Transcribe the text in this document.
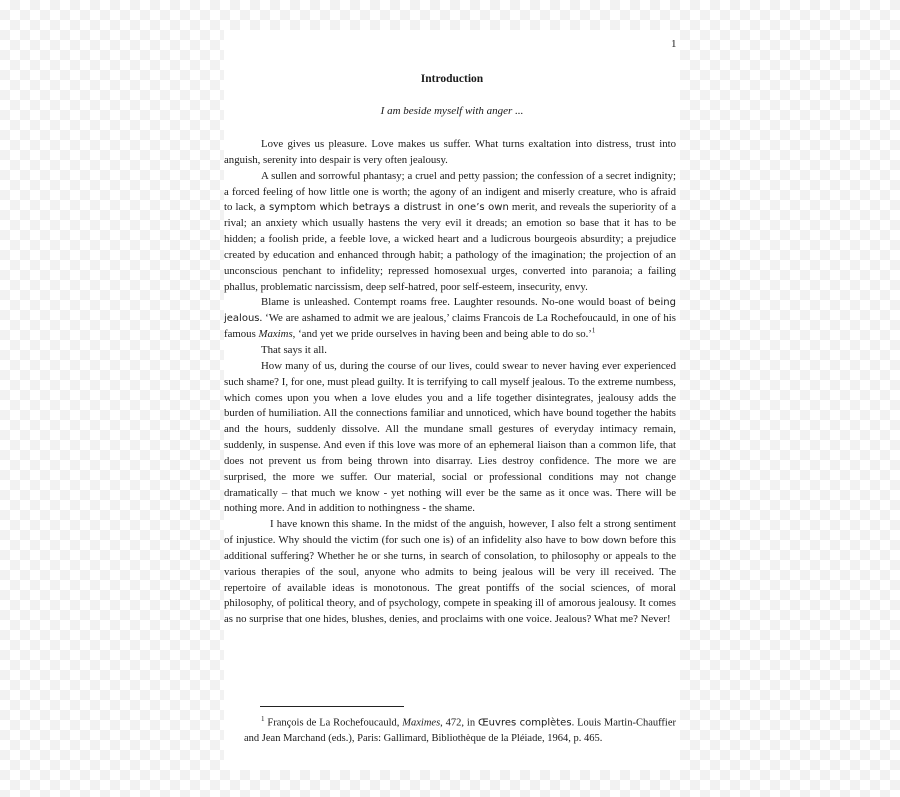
1
Introduction
I am beside myself with anger ...

Love gives us pleasure. Love makes us suffer. What turns exaltation into distress, trust into anguish, serenity into despair is very often jealousy.

A sullen and sorrowful phantasy; a cruel and petty passion; the confession of a secret indignity; a forced feeling of how little one is worth; the agony of an indigent and miserly creature, who is afraid to lack, a symptom which betrays a distrust in one’s own merit, and reveals the superiority of a rival; an anxiety which usually hastens the very evil it dreads; an emotion so base that it has to be hidden; a foolish pride, a feeble love, a wicked heart and a ludicrous bourgeois absurdity; a prejudice created by education and enhanced through habit; a pathology of the imagination; the projection of an unconscious penchant to infidelity; repressed homosexual urges, converted into paranoia; a failing phallus, problematic narcissism, deep self-hatred, poor self-esteem, insecurity, envy.

Blame is unleashed. Contempt roams free. Laughter resounds. No-one would boast of being jealous. ‘We are ashamed to admit we are jealous,’ claims Francois de La Rochefoucauld, in one of his famous Maxims, ‘and yet we pride ourselves in having been and being able to do so.’$^1$

That says it all.

How many of us, during the course of our lives, could swear to never having ever experienced such shame? I, for one, must plead guilty. It is terrifying to call myself jealous. To the extreme numbess, which comes upon you when a love eludes you and a life together disintegrates, jealousy adds the burden of humiliation. All the connections familiar and unnoticed, which have bound together the habits and the hours, suddenly dissolve. All the mundane small gestures of everyday intimacy remain, suddenly, in suspense. And even if this love was more of an ephemeral liaison than a common life, that does not prevent us from being thrown into disarray. Lies destroy confidence. The more we are surprised, the more we suffer. Our material, social or professional conditions may not change dramatically – that much we know - yet nothing will ever be the same as it once was. There will be nothing more. And in addition to nothingness - the shame.

I have known this shame. In the midst of the anguish, however, I also felt a strong sentiment of injustice. Why should the victim (for such one is) of an infidelity also have to bow down before this additional suffering? Whether he or she turns, in search of consolation, to philosophy or appeals to the various therapies of the soul, anyone who admits to being jealous will be very ill received. The repertoire of available ideas is monotonous. The great pontiffs of the social sciences, of moral philosophy, of political theory, and of psychology, compete in speaking ill of amorous jealousy. It comes as no surprise that one hides, blushes, denies, and proclaims with one voice. Jealous? What me? Never!

$^1$ François de La Rochefoucauld, Maximes, 472, in Œuvres complètes. Louis Martin-Chauffier and Jean Marchand (eds.), Paris: Gallimard, Bibliothèque de la Pléiade, 1964, p. 465.
